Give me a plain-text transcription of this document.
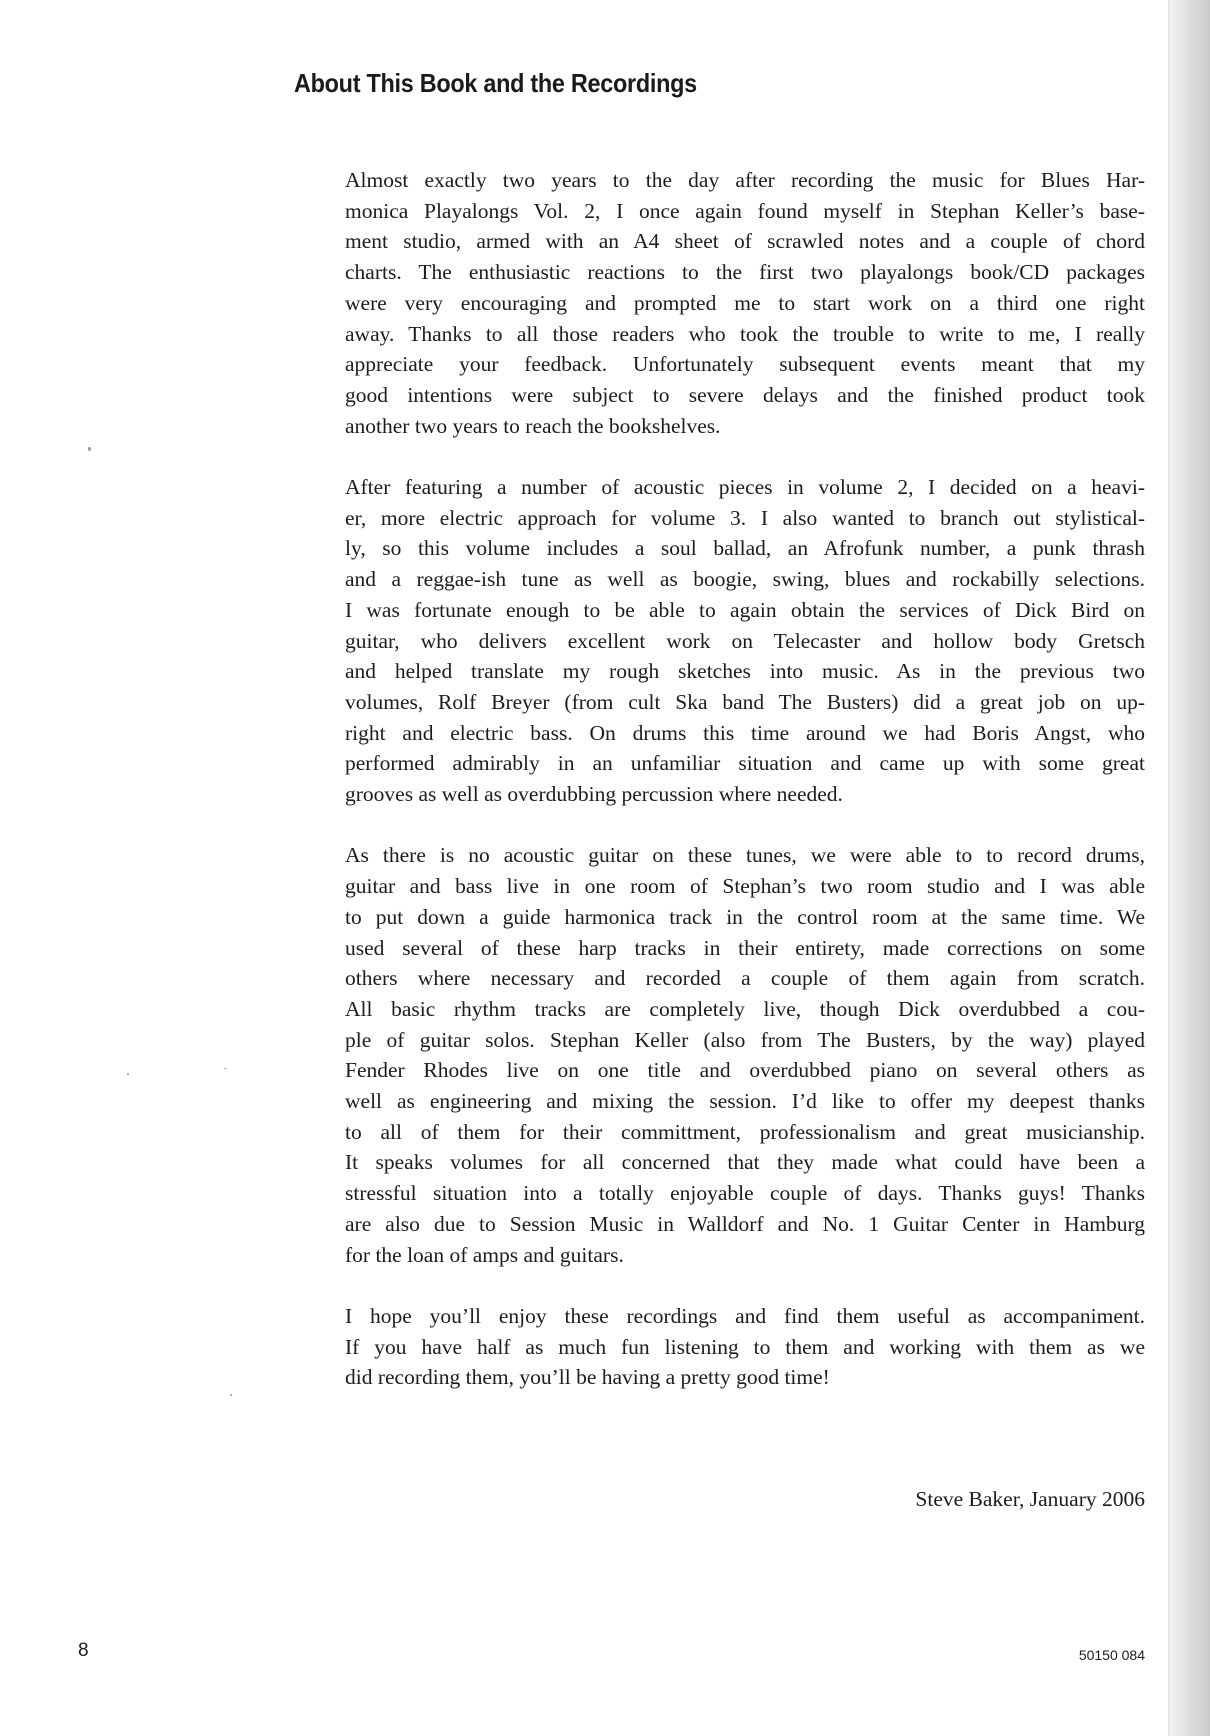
About This Book and the Recordings

Almost exactly two years to the day after recording the music for Blues Har-
monica Playalongs Vol. 2, I once again found myself in Stephan Keller’s base-
ment studio, armed with an A4 sheet of scrawled notes and a couple of chord
charts. The enthusiastic reactions to the first two playalongs book/CD packages
were very encouraging and prompted me to start work on a third one right
away. Thanks to all those readers who took the trouble to write to me, I really
appreciate your feedback. Unfortunately subsequent events meant that my
good intentions were subject to severe delays and the finished product took
another two years to reach the bookshelves.

After featuring a number of acoustic pieces in volume 2, I decided on a heavi-
er, more electric approach for volume 3. I also wanted to branch out stylistical-
ly, so this volume includes a soul ballad, an Afrofunk number, a punk thrash
and a reggae-ish tune as well as boogie, swing, blues and rockabilly selections.
I was fortunate enough to be able to again obtain the services of Dick Bird on
guitar, who delivers excellent work on Telecaster and hollow body Gretsch
and helped translate my rough sketches into music. As in the previous two
volumes, Rolf Breyer (from cult Ska band The Busters) did a great job on up-
right and electric bass. On drums this time around we had Boris Angst, who
performed admirably in an unfamiliar situation and came up with some great
grooves as well as overdubbing percussion where needed.

As there is no acoustic guitar on these tunes, we were able to to record drums,
guitar and bass live in one room of Stephan’s two room studio and I was able
to put down a guide harmonica track in the control room at the same time. We
used several of these harp tracks in their entirety, made corrections on some
others where necessary and recorded a couple of them again from scratch.
All basic rhythm tracks are completely live, though Dick overdubbed a cou-
ple of guitar solos. Stephan Keller (also from The Busters, by the way) played
Fender Rhodes live on one title and overdubbed piano on several others as
well as engineering and mixing the session. I’d like to offer my deepest thanks
to all of them for their committment, professionalism and great musicianship.
It speaks volumes for all concerned that they made what could have been a
stressful situation into a totally enjoyable couple of days. Thanks guys! Thanks
are also due to Session Music in Walldorf and No. 1 Guitar Center in Hamburg
for the loan of amps and guitars.

I hope you’ll enjoy these recordings and find them useful as accompaniment.
If you have half as much fun listening to them and working with them as we
did recording them, you’ll be having a pretty good time!

Steve Baker, January 2006

8	50150 084
